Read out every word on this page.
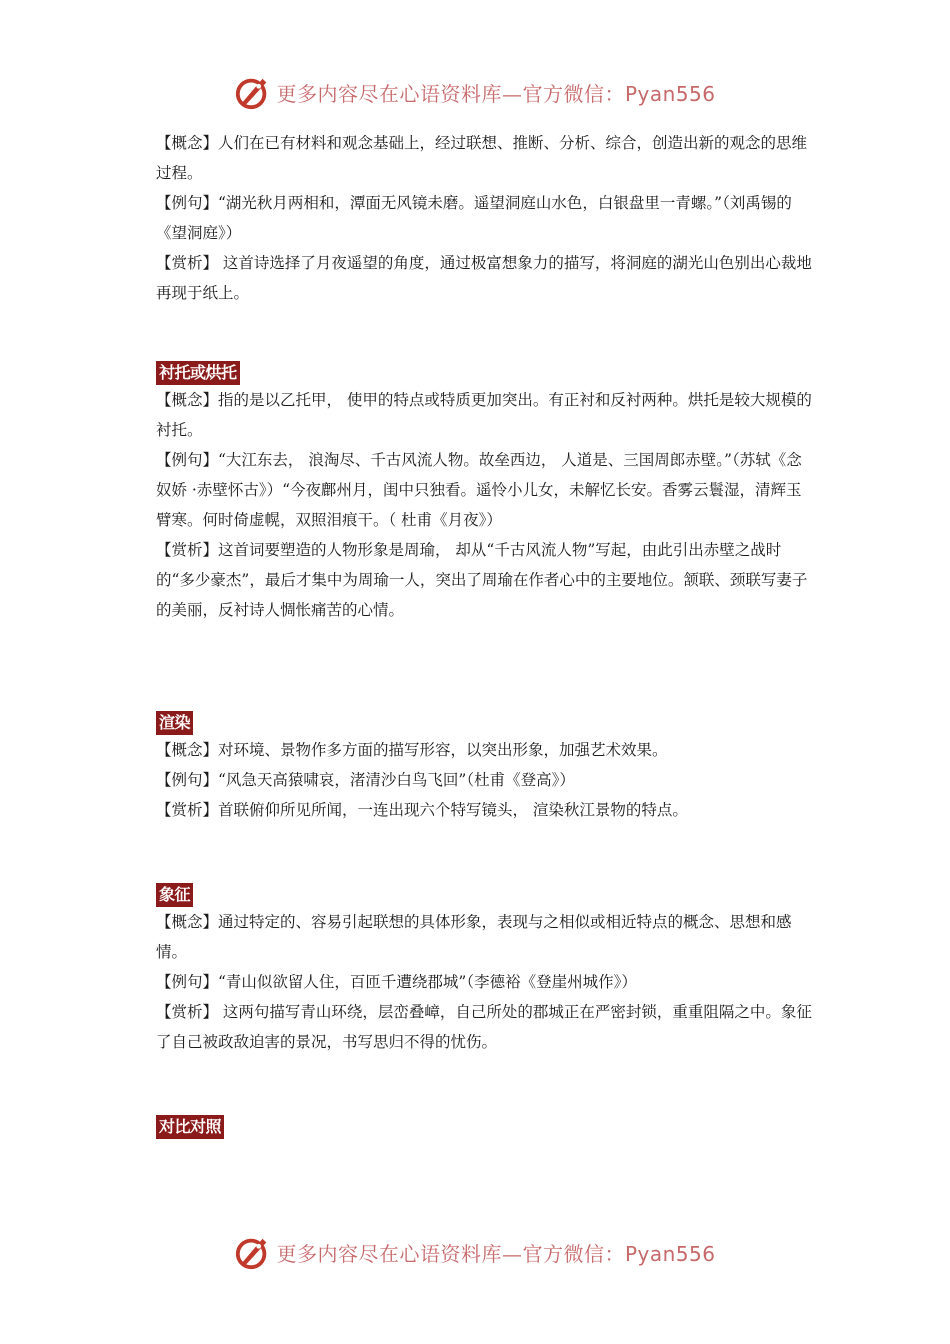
更多内容尽在心语资料库—官方微信：Pyan556

【概念】人们在已有材料和观念基础上，经过联想、推断、分析、综合，创造出新的观念的思维过程。

【例句】“湖光秋月两相和，潭面无风镜未磨。遥望洞庭山水色，白银盘里一青螺。”（刘禹锡的《望洞庭》）

【赏析】 这首诗选择了月夜遥望的角度，通过极富想象力的描写，将洞庭的湖光山色别出心裁地再现于纸上。

衬托或烘托

【概念】指的是以乙托甲， 使甲的特点或特质更加突出。有正衬和反衬两种。烘托是较大规模的衬托。

【例句】“大江东去， 浪淘尽、千古风流人物。故垒西边， 人道是、三国周郎赤壁。”（苏轼《念奴娇 ·赤壁怀古》）“今夜鄜州月，闺中只独看。遥怜小儿女，未解忆长安。香雾云鬟湿，清辉玉臂寒。何时倚虚幌，双照泪痕干。（ 杜甫《月夜》）

【赏析】这首词要塑造的人物形象是周瑜， 却从“千古风流人物”写起，由此引出赤壁之战时的“多少豪杰”，最后才集中为周瑜一人，突出了周瑜在作者心中的主要地位。颔联、颈联写妻子的美丽，反衬诗人惆怅痛苦的心情。

渲染

【概念】对环境、景物作多方面的描写形容，以突出形象，加强艺术效果。

【例句】“风急天高猿啸哀，渚清沙白鸟飞回”（杜甫《登高》）

【赏析】首联俯仰所见所闻，一连出现六个特写镜头， 渲染秋江景物的特点。

象征

【概念】通过特定的、容易引起联想的具体形象，表现与之相似或相近特点的概念、思想和感情。

【例句】“青山似欲留人住，百匝千遭绕郡城”（李德裕《登崖州城作》）

【赏析】 这两句描写青山环绕，层峦叠嶂，自己所处的郡城正在严密封锁，重重阻隔之中。象征了自己被政敌迫害的景况，书写思归不得的忧伤。

对比对照
更多内容尽在心语资料库—官方微信：Pyan556
